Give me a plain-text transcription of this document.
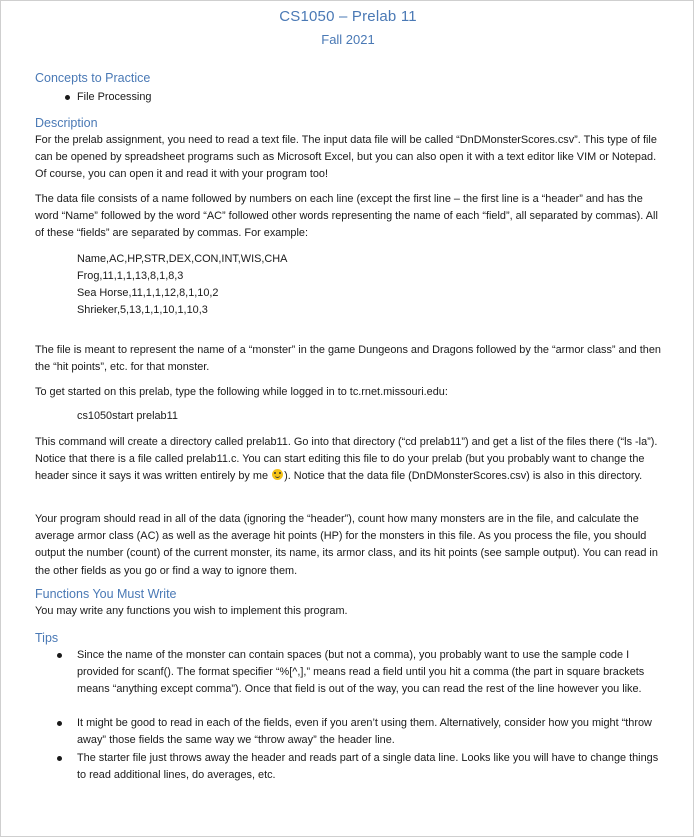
CS1050 – Prelab 11
Fall 2021
Concepts to Practice
File Processing
Description
For the prelab assignment, you need to read a text file. The input data file will be called “DnDMonsterScores.csv”. This type of file can be opened by spreadsheet programs such as Microsoft Excel, but you can also open it with a text editor like VIM or Notepad. Of course, you can open it and read it with your program too!
The data file consists of a name followed by numbers on each line (except the first line – the first line is a “header” and has the word “Name” followed by the word “AC” followed other words representing the name of each “field”, all separated by commas). All of these “fields” are separated by commas. For example:
Name,AC,HP,STR,DEX,CON,INT,WIS,CHA
Frog,11,1,1,13,8,1,8,3
Sea Horse,11,1,1,12,8,1,10,2
Shrieker,5,13,1,1,10,1,10,3
The file is meant to represent the name of a “monster” in the game Dungeons and Dragons followed by the “armor class” and then the “hit points”, etc. for that monster.
To get started on this prelab, type the following while logged in to tc.rnet.missouri.edu:
cs1050start prelab11
This command will create a directory called prelab11. Go into that directory (“cd prelab11”) and get a list of the files there (“ls -la”). Notice that there is a file called prelab11.c. You can start editing this file to do your prelab (but you probably want to change the header since it says it was written entirely by me ). Notice that the data file (DnDMonsterScores.csv) is also in this directory.
Your program should read in all of the data (ignoring the “header”), count how many monsters are in the file, and calculate the average armor class (AC) as well as the average hit points (HP) for the monsters in this file. As you process the file, you should output the number (count) of the current monster, its name, its armor class, and its hit points (see sample output). You can read in the other fields as you go or find a way to ignore them.
Functions You Must Write
You may write any functions you wish to implement this program.
Tips
Since the name of the monster can contain spaces (but not a comma), you probably want to use the sample code I provided for scanf(). The format specifier “%[^,],” means read a field until you hit a comma (the part in square brackets means “anything except comma”). Once that field is out of the way, you can read the rest of the line however you like.
It might be good to read in each of the fields, even if you aren’t using them. Alternatively, consider how you might “throw away” those fields the same way we “throw away” the header line.
The starter file just throws away the header and reads part of a single data line. Looks like you will have to change things to read additional lines, do averages, etc.
